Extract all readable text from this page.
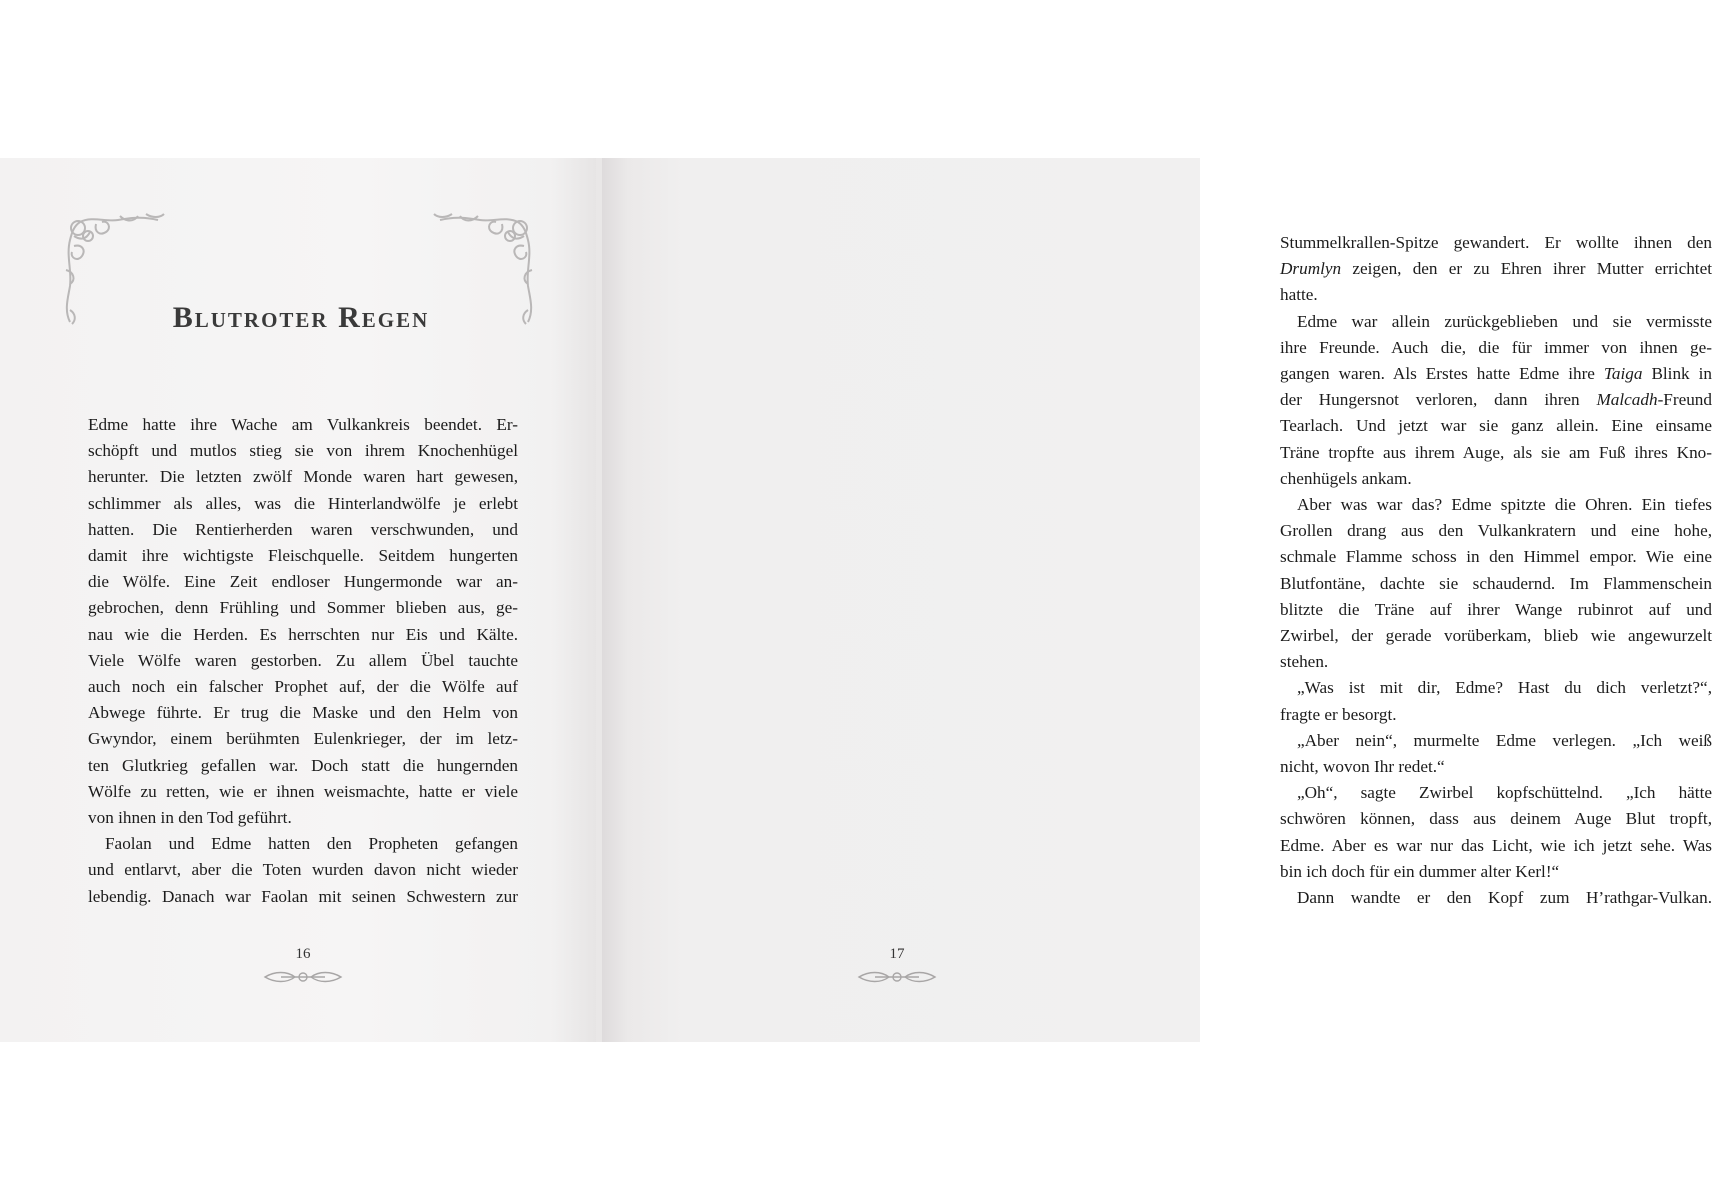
Blutroter Regen
Edme hatte ihre Wache am Vulkankreis beendet. Er-
schöpft und mutlos stieg sie von ihrem Knochenhügel
herunter. Die letzten zwölf Monde waren hart gewesen,
schlimmer als alles, was die Hinterlandwölfe je erlebt
hatten. Die Rentierherden waren verschwunden, und
damit ihre wichtigste Fleischquelle. Seitdem hungerten
die Wölfe. Eine Zeit endloser Hungermonde war an-
gebrochen, denn Frühling und Sommer blieben aus, ge-
nau wie die Herden. Es herrschten nur Eis und Kälte.
Viele Wölfe waren gestorben. Zu allem Übel tauchte
auch noch ein falscher Prophet auf, der die Wölfe auf
Abwege führte. Er trug die Maske und den Helm von
Gwyndor, einem berühmten Eulenkrieger, der im letz-
ten Glutkrieg gefallen war. Doch statt die hungernden
Wölfe zu retten, wie er ihnen weismachte, hatte er viele
von ihnen in den Tod geführt.
Faolan und Edme hatten den Propheten gefangen
und entlarvt, aber die Toten wurden davon nicht wieder
lebendig. Danach war Faolan mit seinen Schwestern zur
16
Stummelkrallen-Spitze gewandert. Er wollte ihnen den
Drumlyn zeigen, den er zu Ehren ihrer Mutter errichtet
hatte.
Edme war allein zurückgeblieben und sie vermisste
ihre Freunde. Auch die, die für immer von ihnen ge-
gangen waren. Als Erstes hatte Edme ihre Taiga Blink in
der Hungersnot verloren, dann ihren Malcadh-Freund
Tearlach. Und jetzt war sie ganz allein. Eine einsame
Träne tropfte aus ihrem Auge, als sie am Fuß ihres Kno-
chenhügels ankam.
Aber was war das? Edme spitzte die Ohren. Ein tiefes
Grollen drang aus den Vulkankratern und eine hohe,
schmale Flamme schoss in den Himmel empor. Wie eine
Blutfontäne, dachte sie schaudernd. Im Flammenschein
blitzte die Träne auf ihrer Wange rubinrot auf und
Zwirbel, der gerade vorüberkam, blieb wie angewurzelt
stehen.
„Was ist mit dir, Edme? Hast du dich verletzt?“,
fragte er besorgt.
„Aber nein“, murmelte Edme verlegen. „Ich weiß
nicht, wovon Ihr redet.“
„Oh“, sagte Zwirbel kopfschüttelnd. „Ich hätte
schwören können, dass aus deinem Auge Blut tropft,
Edme. Aber es war nur das Licht, wie ich jetzt sehe. Was
bin ich doch für ein dummer alter Kerl!“
Dann wandte er den Kopf zum H’rathgar-Vulkan.
17
